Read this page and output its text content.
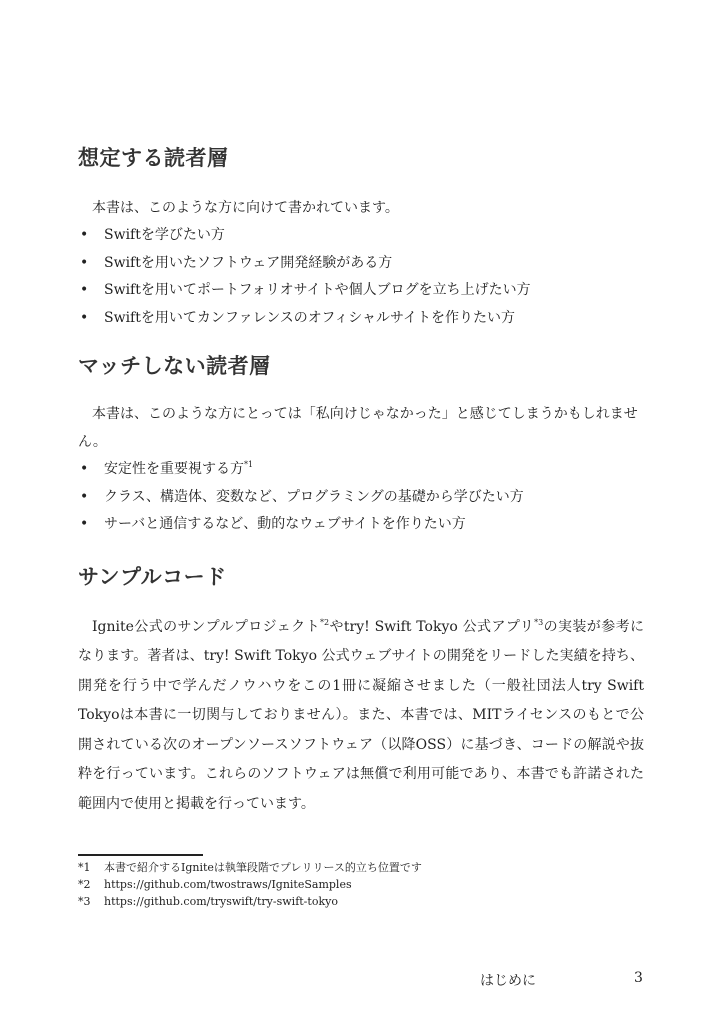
想定する読者層

本書は、このような方に向けて書かれています。

• Swiftを学びたい方
• Swiftを用いたソフトウェア開発経験がある方
• Swiftを用いてポートフォリオサイトや個人ブログを立ち上げたい方
• Swiftを用いてカンファレンスのオフィシャルサイトを作りたい方
マッチしない読者層

本書は、このような方にとっては「私向けじゃなかった」と感じてしまうかもしれません。

• 安定性を重要視する方$^{*1}$
• クラス、構造体、変数など、プログラミングの基礎から学びたい方
• サーバと通信するなど、動的なウェブサイトを作りたい方
サンプルコード

Ignite公式のサンプルプロジェクト$^{*2}$やtry! Swift Tokyo 公式アプリ$^{*3}$の実装が参考になります。著者は、try! Swift Tokyo 公式ウェブサイトの開発をリードした実績を持ち、開発を行う中で学んだノウハウをこの1冊に凝縮させました（一般社団法人try Swift Tokyoは本書に一切関与しておりません）。また、本書では、MITライセンスのもとで公開されている次のオープンソースソフトウェア（以降OSS）に基づき、コードの解説や抜粋を行っています。これらのソフトウェアは無償で利用可能であり、本書でも許諾された範囲内で使用と掲載を行っています。

*1 本書で紹介するIgniteは執筆段階でプレリリース的立ち位置です
*2 https://github.com/twostraws/IgniteSamples
*3 https://github.com/tryswift/try-swift-tokyo
はじめに	3
